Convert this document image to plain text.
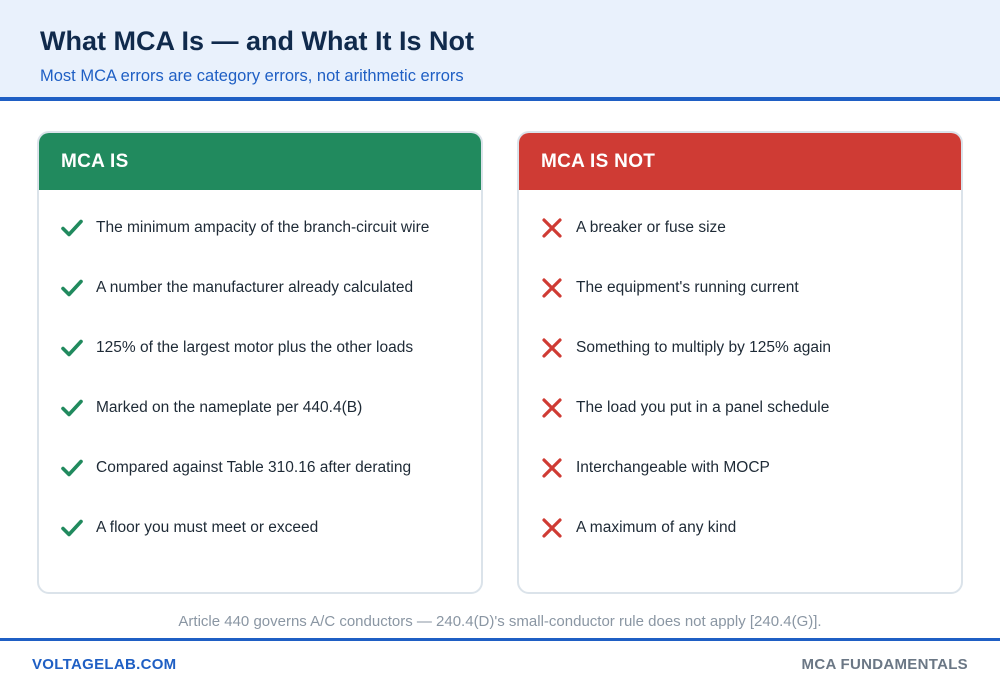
What MCA Is — and What It Is Not
Most MCA errors are category errors, not arithmetic errors
MCA IS
The minimum ampacity of the branch-circuit wire
A number the manufacturer already calculated
125% of the largest motor plus the other loads
Marked on the nameplate per 440.4(B)
Compared against Table 310.16 after derating
A floor you must meet or exceed
MCA IS NOT
A breaker or fuse size
The equipment's running current
Something to multiply by 125% again
The load you put in a panel schedule
Interchangeable with MOCP
A maximum of any kind
Article 440 governs A/C conductors — 240.4(D)'s small-conductor rule does not apply [240.4(G)].
VOLTAGELAB.COM	MCA FUNDAMENTALS
